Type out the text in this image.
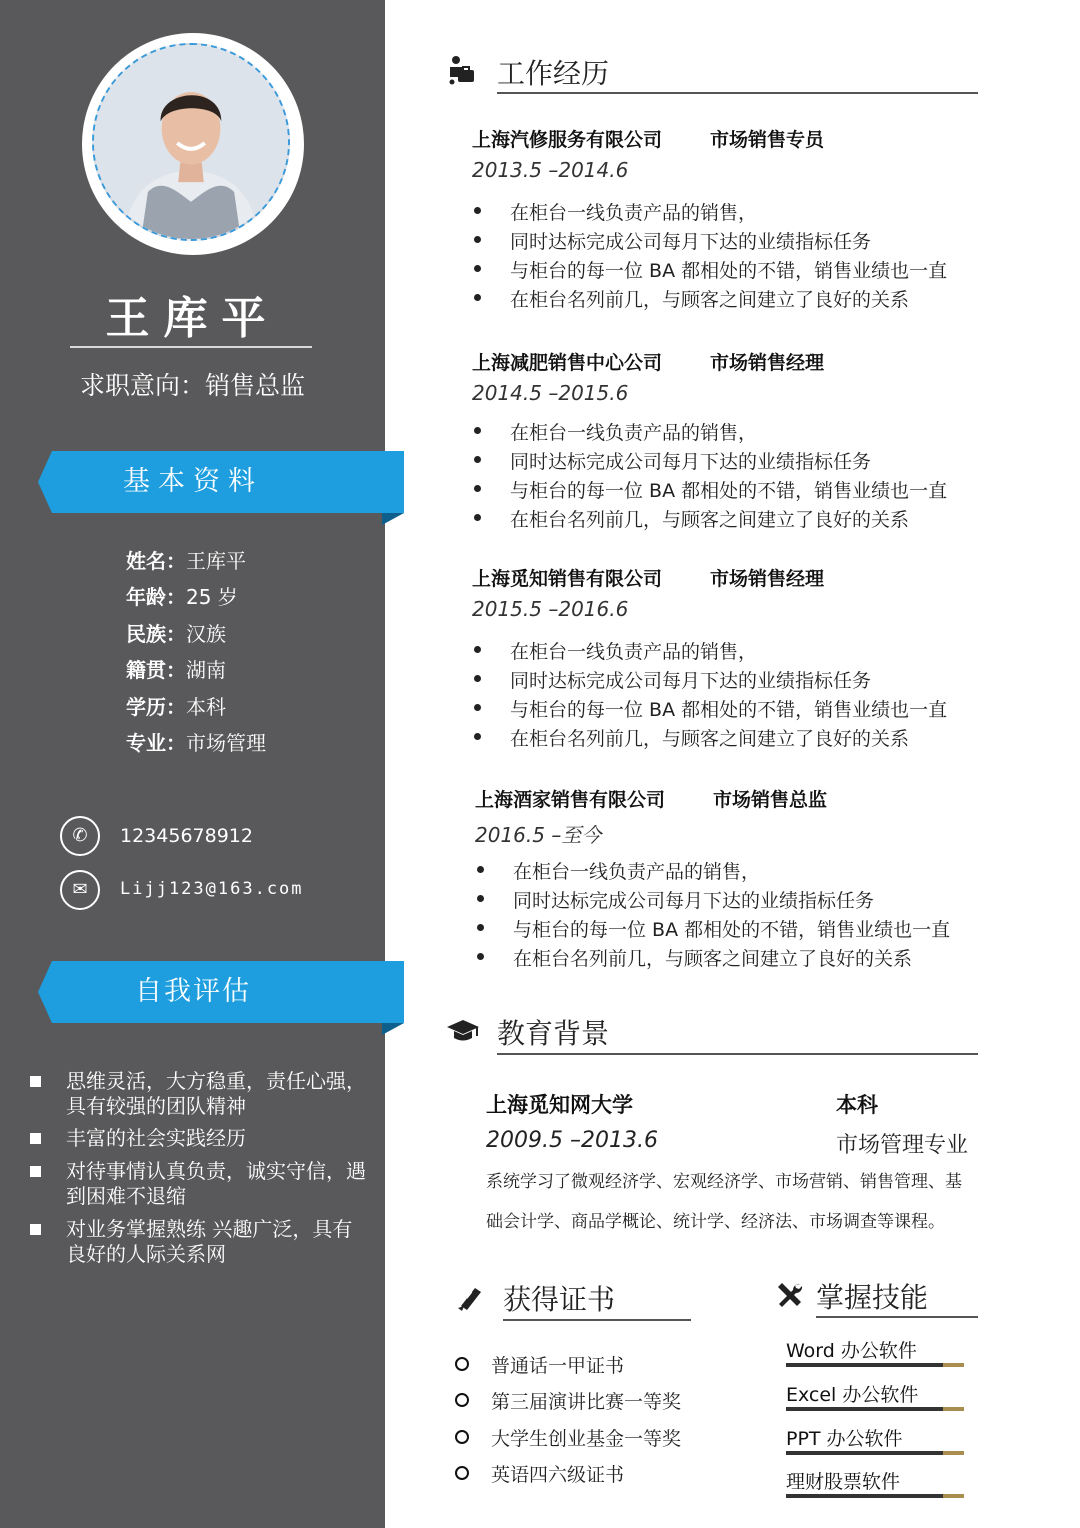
王库平
求职意向：销售总监
基本资料
姓名：王库平
年龄：25 岁
民族：汉族
籍贯：湖南
学历：本科
专业：市场管理
✆	12345678912
✉	Lijj123@163.com
自我评估
思维灵活，大方稳重，责任心强，具有较强的团队精神
丰富的社会实践经历
对待事情认真负责，诚实守信，遇到困难不退缩
对业务掌握熟练 兴趣广泛，具有良好的人际关系网
工作经历
上海汽修服务有限公司	市场销售专员
2013.5 –2014.6
在柜台一线负责产品的销售，
同时达标完成公司每月下达的业绩指标任务
与柜台的每一位 BA 都相处的不错，销售业绩也一直
在柜台名列前几，与顾客之间建立了良好的关系
上海减肥销售中心公司	市场销售经理
2014.5 –2015.6
在柜台一线负责产品的销售，
同时达标完成公司每月下达的业绩指标任务
与柜台的每一位 BA 都相处的不错，销售业绩也一直
在柜台名列前几，与顾客之间建立了良好的关系
上海觅知销售有限公司	市场销售经理
2015.5 –2016.6
在柜台一线负责产品的销售，
同时达标完成公司每月下达的业绩指标任务
与柜台的每一位 BA 都相处的不错，销售业绩也一直
在柜台名列前几，与顾客之间建立了良好的关系
上海酒家销售有限公司	市场销售总监
2016.5 –至今
在柜台一线负责产品的销售，
同时达标完成公司每月下达的业绩指标任务
与柜台的每一位 BA 都相处的不错，销售业绩也一直
在柜台名列前几，与顾客之间建立了良好的关系
教育背景
上海觅知网大学	本科
2009.5 –2013.6	市场管理专业
系统学习了微观经济学、宏观经济学、市场营销、销售管理、基
础会计学、商品学概论、统计学、经济法、市场调查等课程。
获得证书
普通话一甲证书
第三届演讲比赛一等奖
大学生创业基金一等奖
英语四六级证书
掌握技能
Word 办公软件
Excel 办公软件
PPT 办公软件
理财股票软件
